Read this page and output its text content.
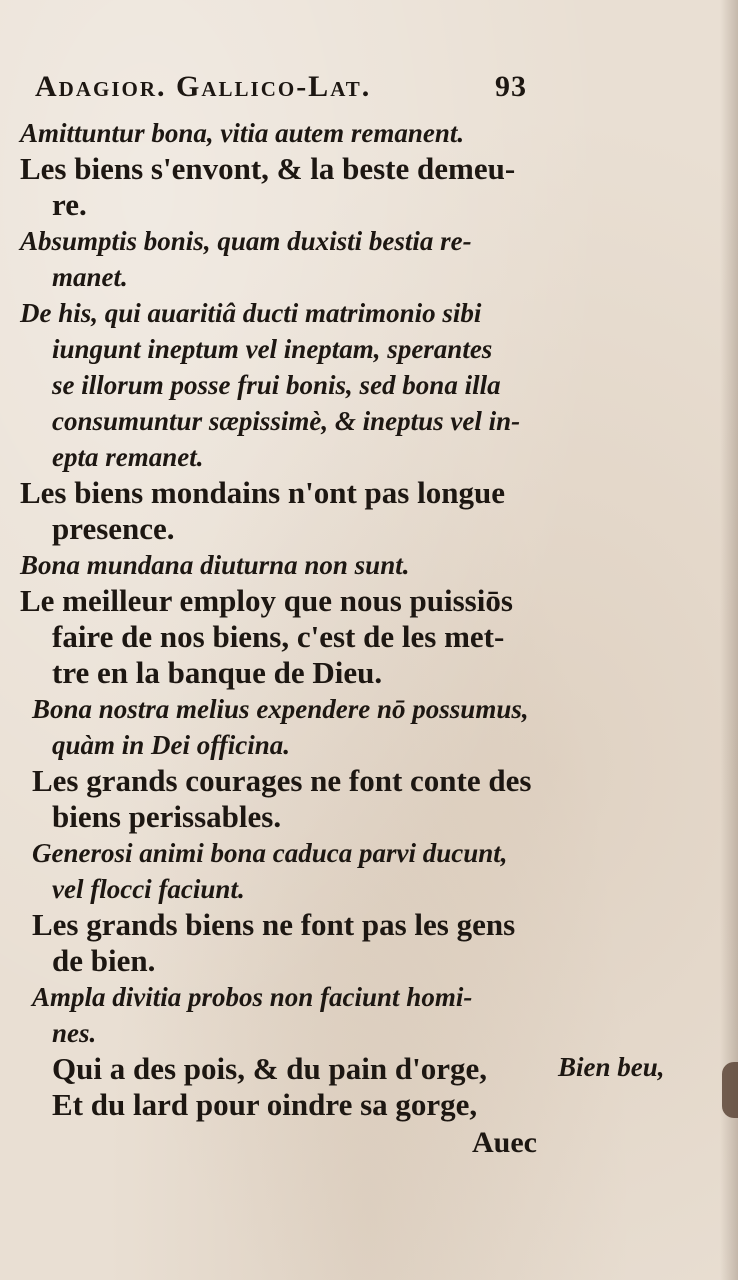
Adagior. Gallico-Lat.	93
Amittuntur bona, vitia autem remanent.
Les biens s'envont, & la beste demeu-
re.
Absumptis bonis, quam duxisti bestia re-
manet.
De his, qui auaritiâ ducti matrimonio sibi
iungunt ineptum vel ineptam, sperantes
se illorum posse frui bonis, sed bona illa
consumuntur sæpissimè, & ineptus vel in-
epta remanet.
Les biens mondains n'ont pas longue
presence.
Bona mundana diuturna non sunt.
Le meilleur employ que nous puissiōs
faire de nos biens, c'est de les met-
tre en la banque de Dieu.
Bona nostra melius expendere nō possumus,
quàm in Dei officina.
Les grands courages ne font conte des
biens perissables.
Generosi animi bona caduca parvi ducunt,
vel flocci faciunt.
Les grands biens ne font pas les gens
de bien.
Ampla divitia probos non faciunt homi-
nes.
Qui a des pois, & du pain d'orge,
Et du lard pour oindre sa gorge,
Bien beu,
Auec
